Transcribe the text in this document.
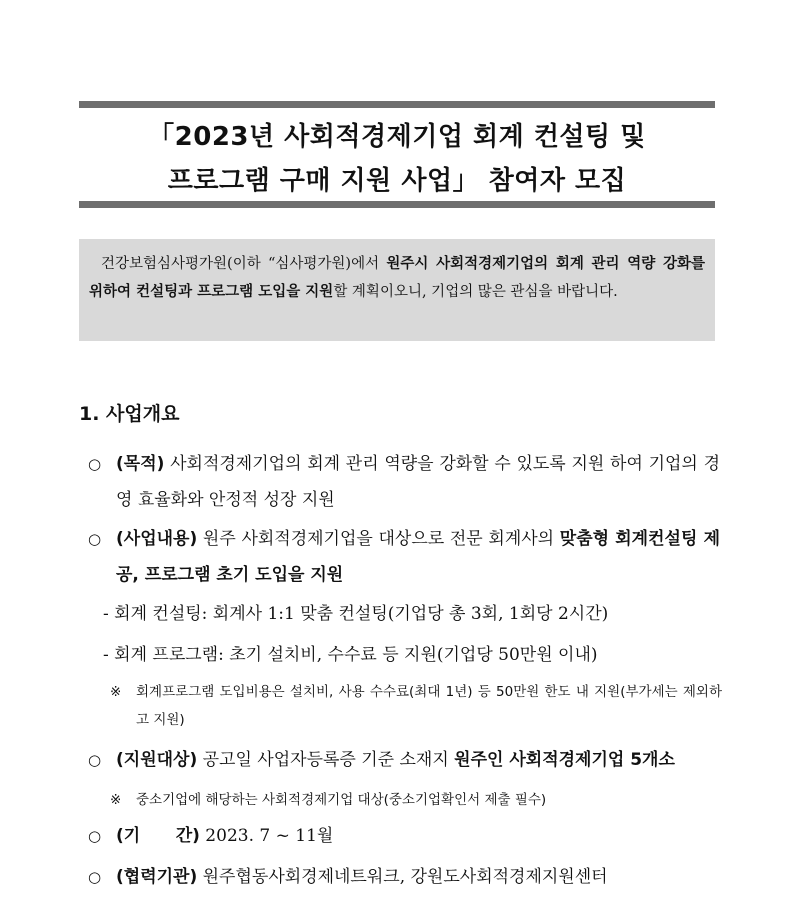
「2023년 사회적경제기업 회계 컨설팅 및
프로그램 구매 지원 사업」 참여자 모집
건강보험심사평가원(이하 “심사평가원)에서 원주시 사회적경제기업의 회계 관리 역량 강화를 위하여 컨설팅과 프로그램 도입을 지원할 계획이오니, 기업의 많은 관심을 바랍니다.
1. 사업개요
○ (목적) 사회적경제기업의 회계 관리 역량을 강화할 수 있도록 지원 하여 기업의 경영 효율화와 안정적 성장 지원
○ (사업내용) 원주 사회적경제기업을 대상으로 전문 회계사의 맞춤형 회계컨설팅 제공, 프로그램 초기 도입을 지원
- 회계 컨설팅: 회계사 1:1 맞춤 컨설팅(기업당 총 3회, 1회당 2시간)
- 회계 프로그램: 초기 설치비, 수수료 등 지원(기업당 50만원 이내)
※ 회계프로그램 도입비용은 설치비, 사용 수수료(최대 1년) 등 50만원 한도 내 지원(부가세는 제외하고 지원)
○ (지원대상) 공고일 사업자등록증 기준 소재지 원주인 사회적경제기업 5개소
※ 중소기업에 해당하는 사회적경제기업 대상(중소기업확인서 제출 필수)
○ (기      간) 2023. 7 ~ 11월
○ (협력기관) 원주협동사회경제네트워크, 강원도사회적경제지원센터
